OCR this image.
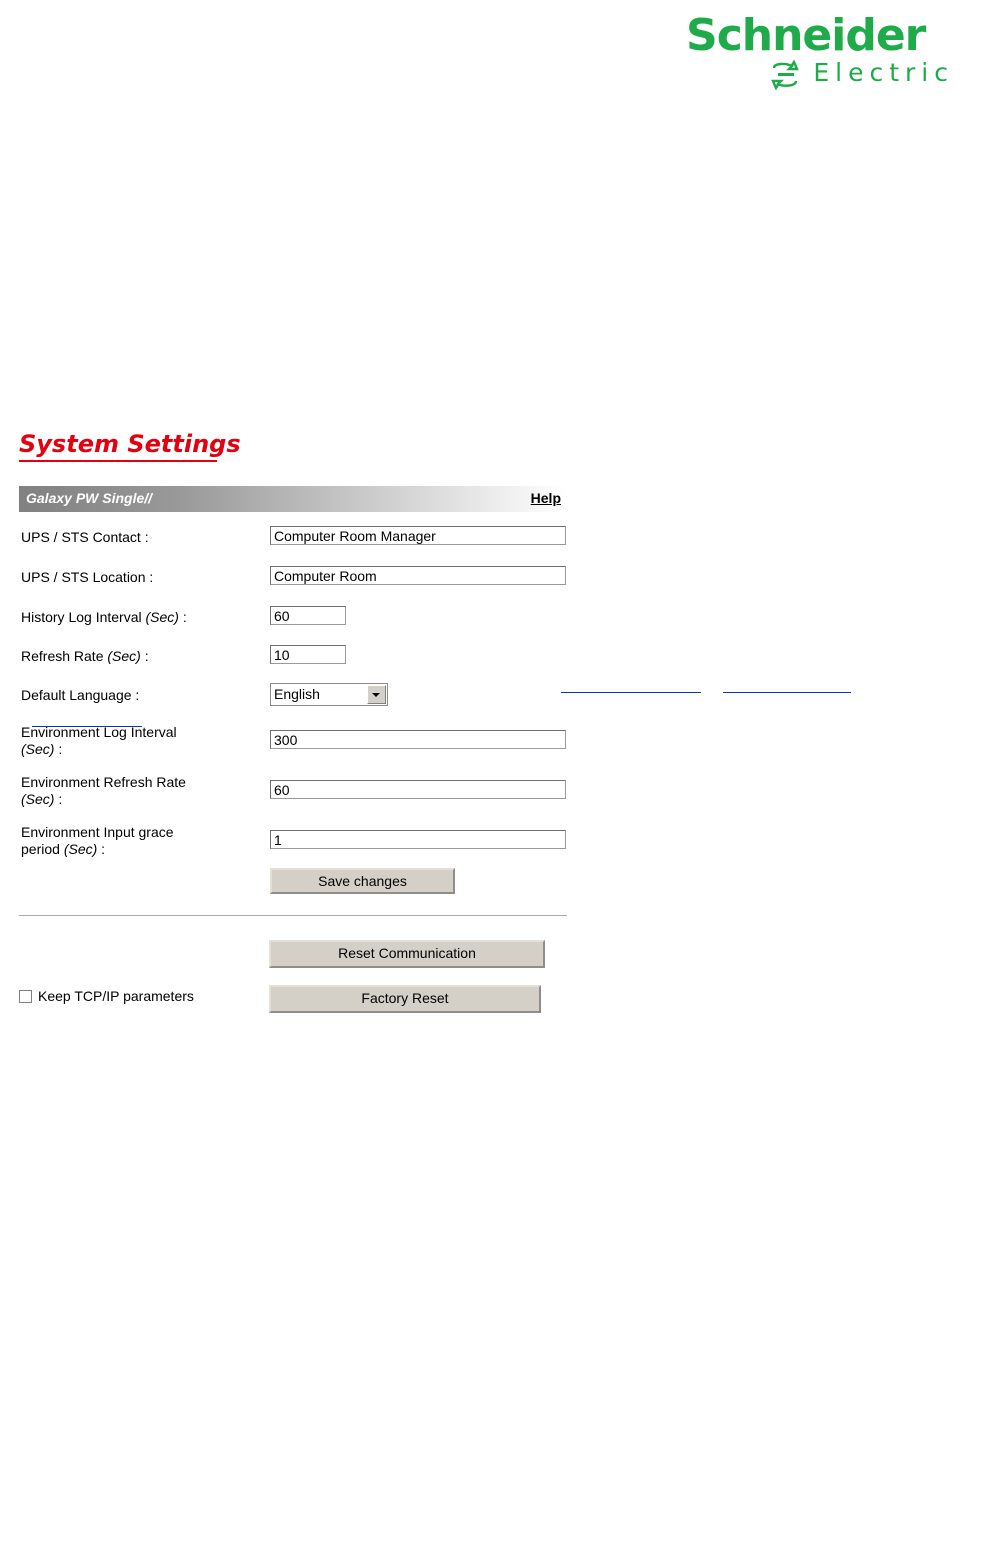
Schneider
Electric
System Settings
Galaxy PW Single//	Help
UPS / STS Contact :
Computer Room Manager
UPS / STS Location :
Computer Room
History Log Interval (Sec) :
60
Refresh Rate (Sec) :
10
Default Language :	English
Environment Log Interval
(Sec) :
300
Environment Refresh Rate
(Sec) :
60
Environment Input grace
period (Sec) :
1
Save changes
Reset Communication
Factory Reset
Keep TCP/IP parameters
